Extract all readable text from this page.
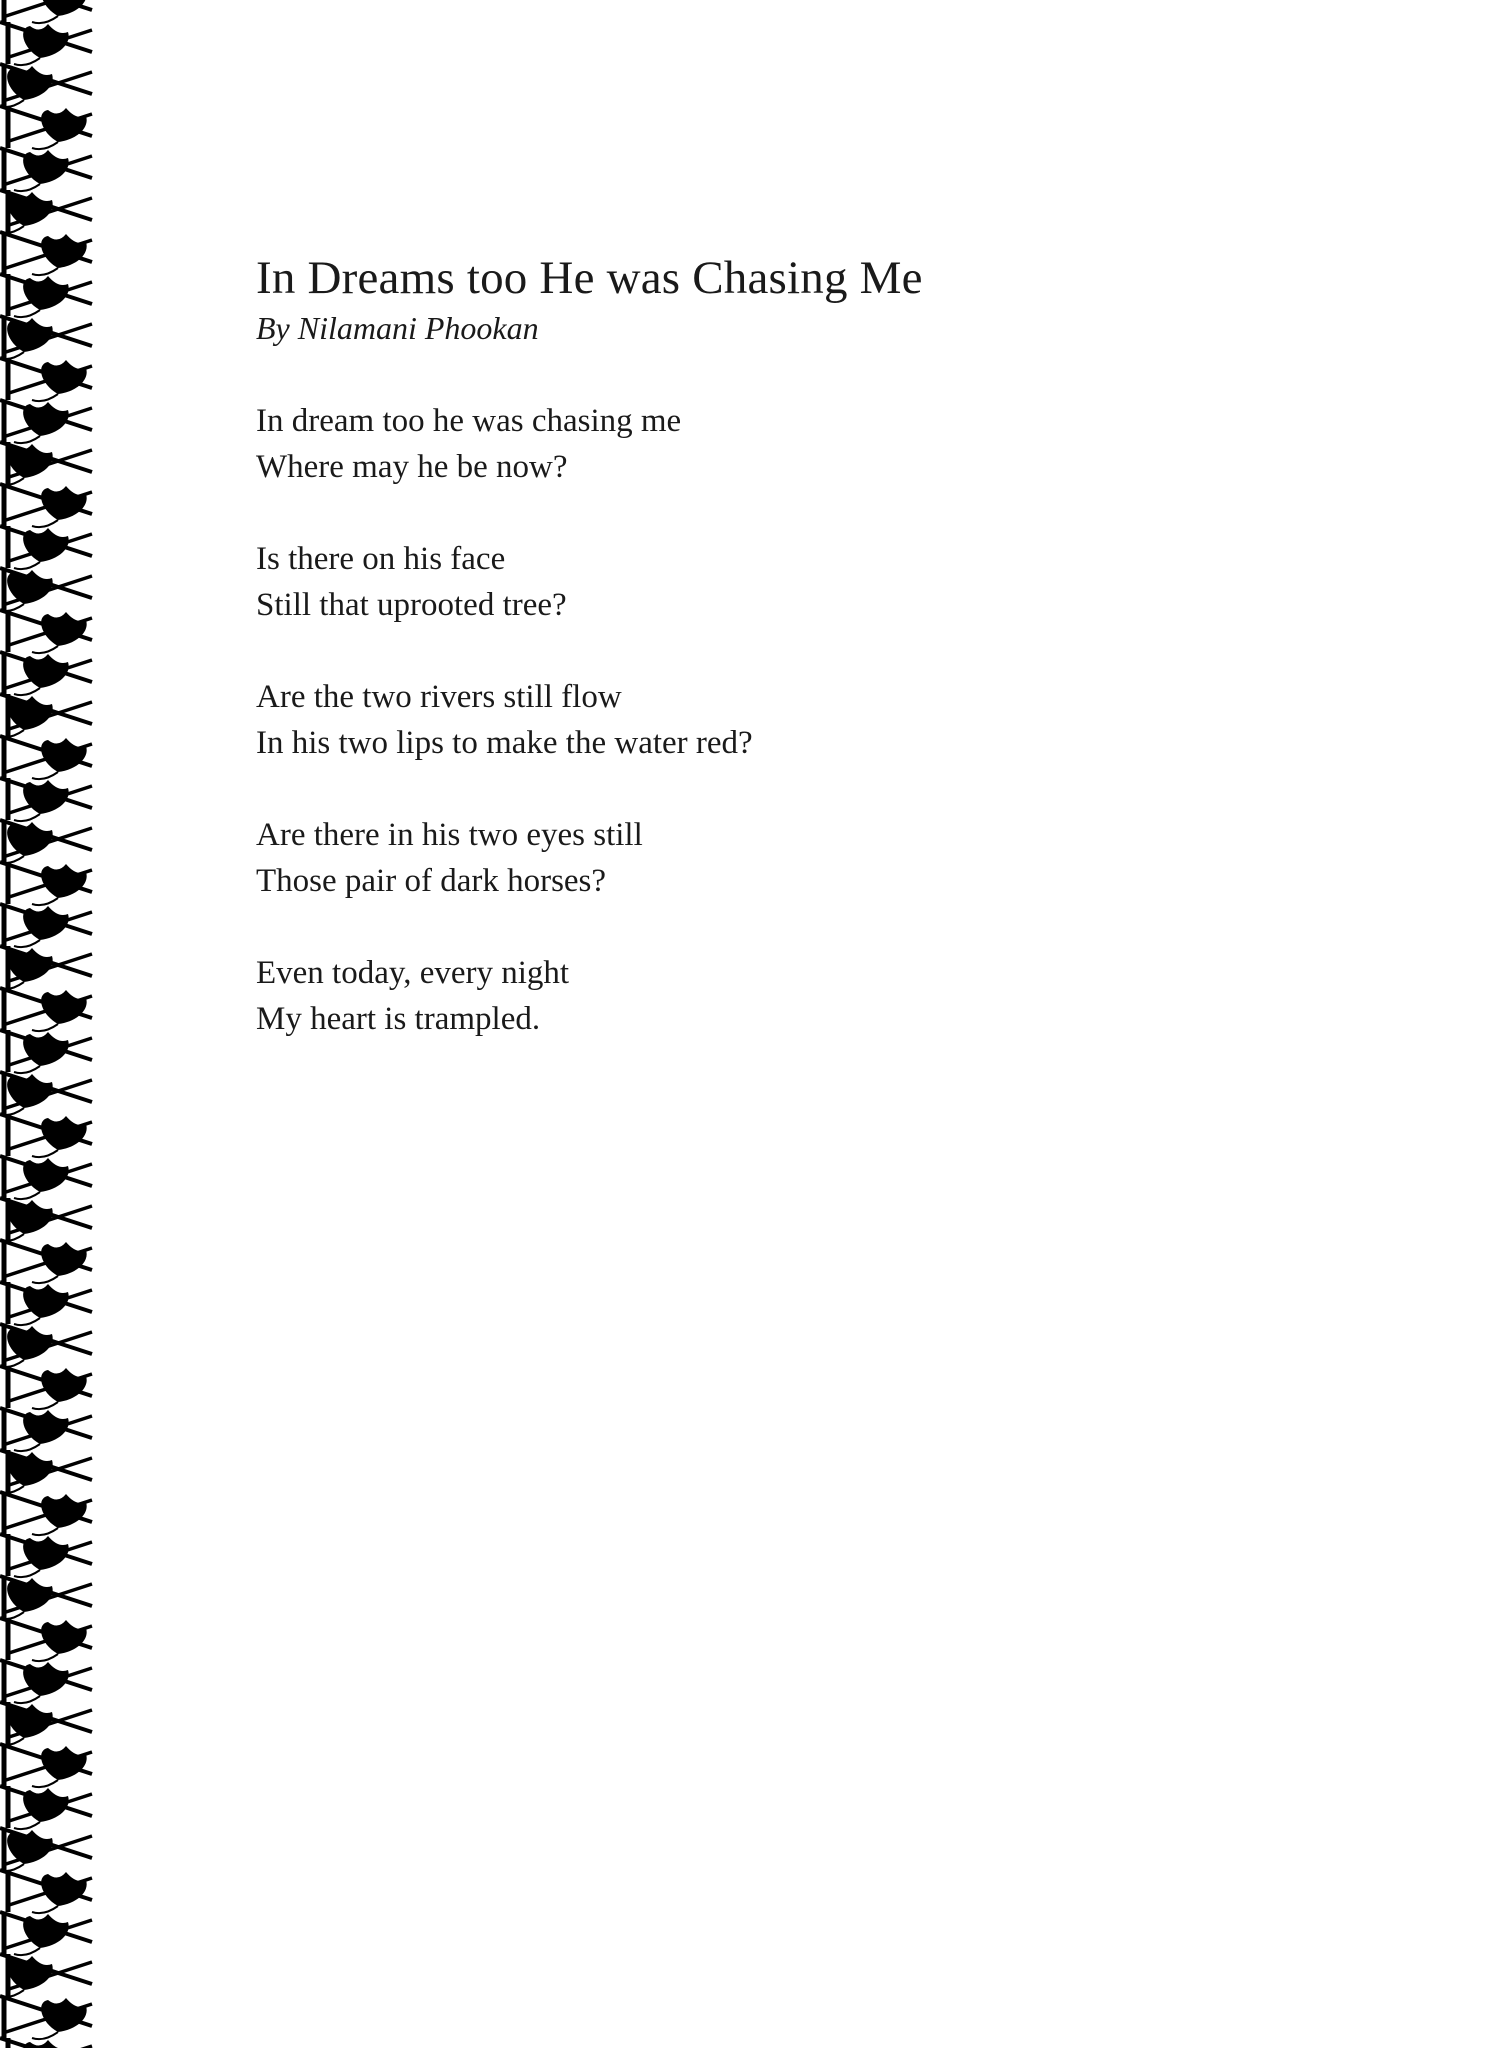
In Dreams too He was Chasing Me

By Nilamani Phookan

In dream too he was chasing me
Where may he be now?
Is there on his face
Still that uprooted tree?
Are the two rivers still flow
In his two lips to make the water red?
Are there in his two eyes still
Those pair of dark horses?
Even today, every night
My heart is trampled.
